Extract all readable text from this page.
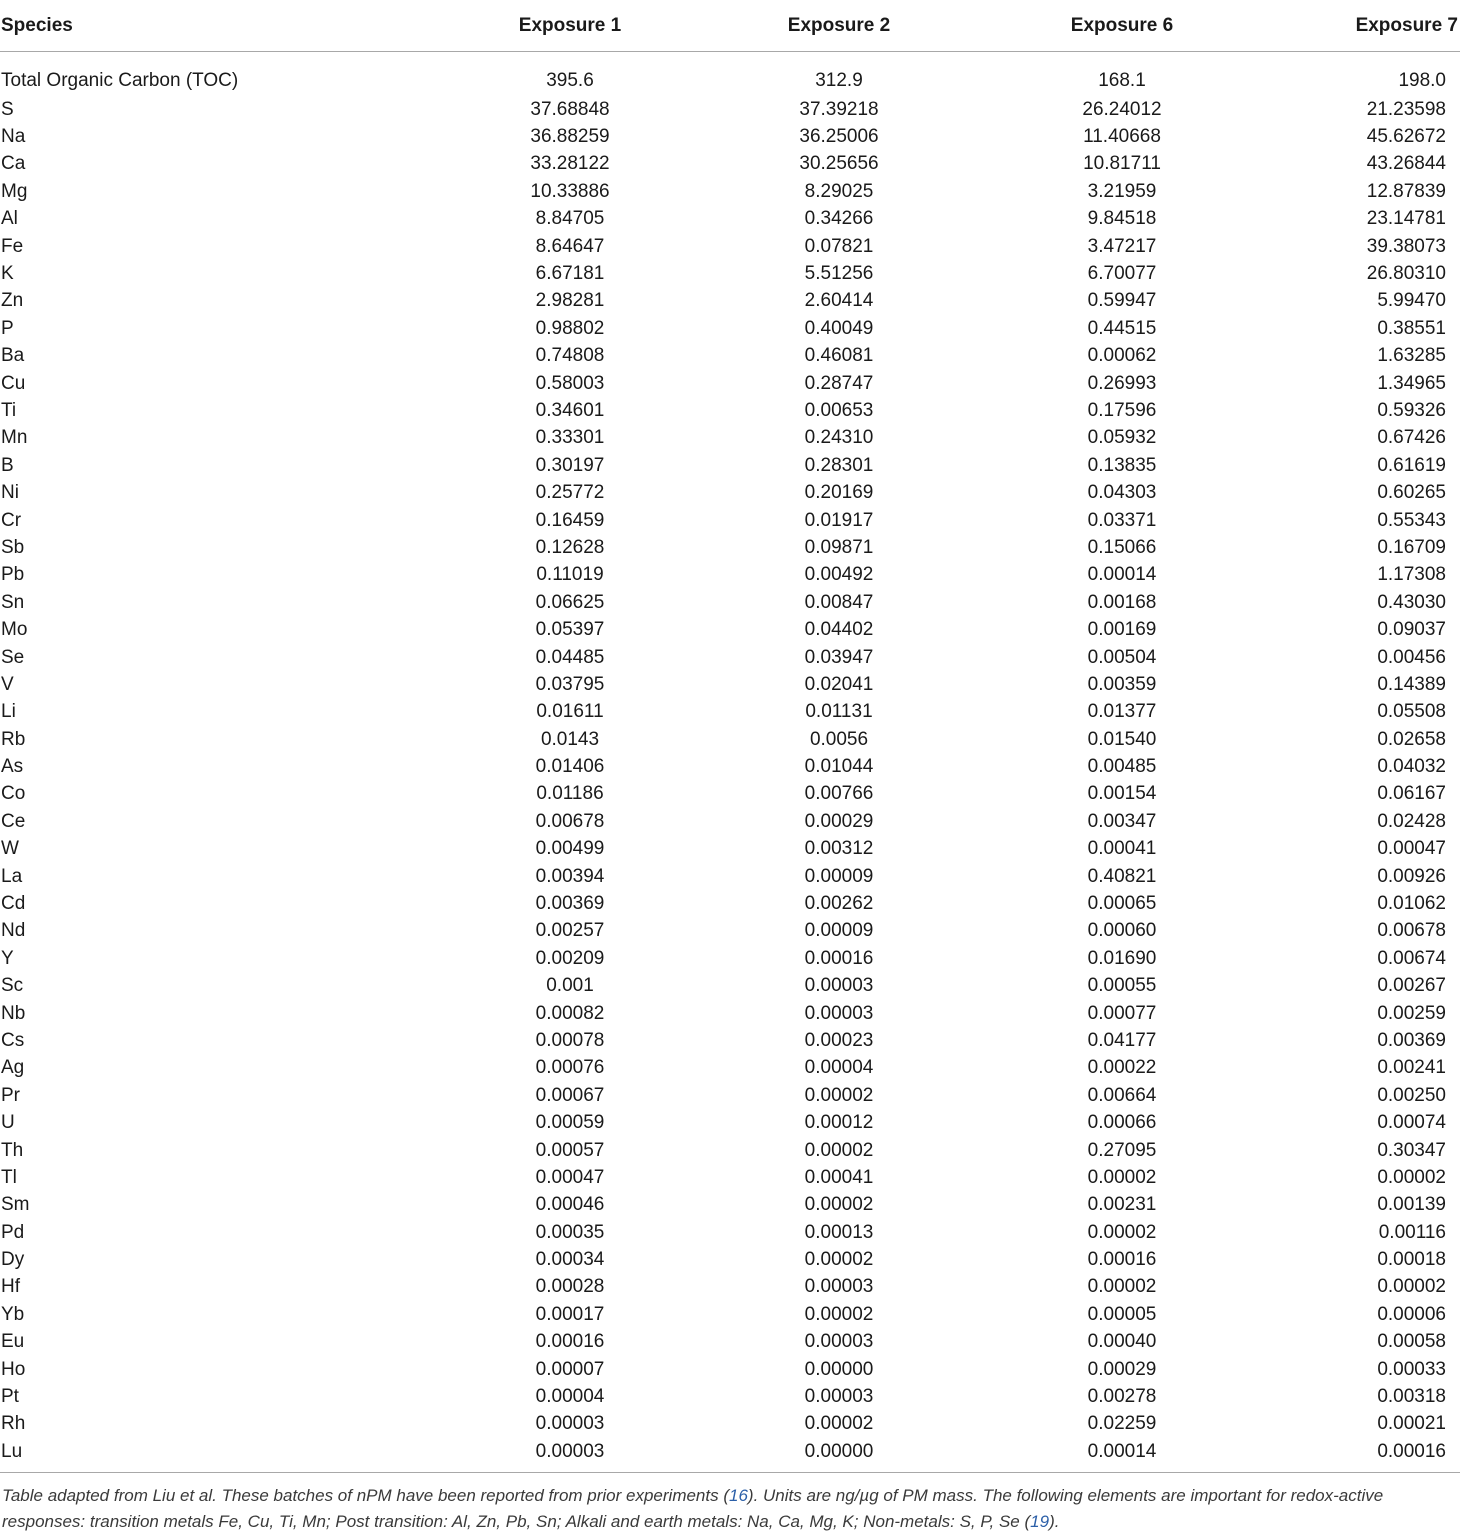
Species	Exposure 1	Exposure 2	Exposure 6	Exposure 7
Total Organic Carbon (TOC)	395.6	312.9	168.1	198.0
S	37.68848	37.39218	26.24012	21.23598
Na	36.88259	36.25006	11.40668	45.62672
Ca	33.28122	30.25656	10.81711	43.26844
Mg	10.33886	8.29025	3.21959	12.87839
Al	8.84705	0.34266	9.84518	23.14781
Fe	8.64647	0.07821	3.47217	39.38073
K	6.67181	5.51256	6.70077	26.80310
Zn	2.98281	2.60414	0.59947	5.99470
P	0.98802	0.40049	0.44515	0.38551
Ba	0.74808	0.46081	0.00062	1.63285
Cu	0.58003	0.28747	0.26993	1.34965
Ti	0.34601	0.00653	0.17596	0.59326
Mn	0.33301	0.24310	0.05932	0.67426
B	0.30197	0.28301	0.13835	0.61619
Ni	0.25772	0.20169	0.04303	0.60265
Cr	0.16459	0.01917	0.03371	0.55343
Sb	0.12628	0.09871	0.15066	0.16709
Pb	0.11019	0.00492	0.00014	1.17308
Sn	0.06625	0.00847	0.00168	0.43030
Mo	0.05397	0.04402	0.00169	0.09037
Se	0.04485	0.03947	0.00504	0.00456
V	0.03795	0.02041	0.00359	0.14389
Li	0.01611	0.01131	0.01377	0.05508
Rb	0.0143	0.0056	0.01540	0.02658
As	0.01406	0.01044	0.00485	0.04032
Co	0.01186	0.00766	0.00154	0.06167
Ce	0.00678	0.00029	0.00347	0.02428
W	0.00499	0.00312	0.00041	0.00047
La	0.00394	0.00009	0.40821	0.00926
Cd	0.00369	0.00262	0.00065	0.01062
Nd	0.00257	0.00009	0.00060	0.00678
Y	0.00209	0.00016	0.01690	0.00674
Sc	0.001	0.00003	0.00055	0.00267
Nb	0.00082	0.00003	0.00077	0.00259
Cs	0.00078	0.00023	0.04177	0.00369
Ag	0.00076	0.00004	0.00022	0.00241
Pr	0.00067	0.00002	0.00664	0.00250
U	0.00059	0.00012	0.00066	0.00074
Th	0.00057	0.00002	0.27095	0.30347
Tl	0.00047	0.00041	0.00002	0.00002
Sm	0.00046	0.00002	0.00231	0.00139
Pd	0.00035	0.00013	0.00002	0.00116
Dy	0.00034	0.00002	0.00016	0.00018
Hf	0.00028	0.00003	0.00002	0.00002
Yb	0.00017	0.00002	0.00005	0.00006
Eu	0.00016	0.00003	0.00040	0.00058
Ho	0.00007	0.00000	0.00029	0.00033
Pt	0.00004	0.00003	0.00278	0.00318
Rh	0.00003	0.00002	0.02259	0.00021
Lu	0.00003	0.00000	0.00014	0.00016

Table adapted from Liu et al. These batches of nPM have been reported from prior experiments (16). Units are ng/µg of PM mass. The following elements are important for redox-active responses: transition metals Fe, Cu, Ti, Mn; Post transition: Al, Zn, Pb, Sn; Alkali and earth metals: Na, Ca, Mg, K; Non-metals: S, P, Se (19).
